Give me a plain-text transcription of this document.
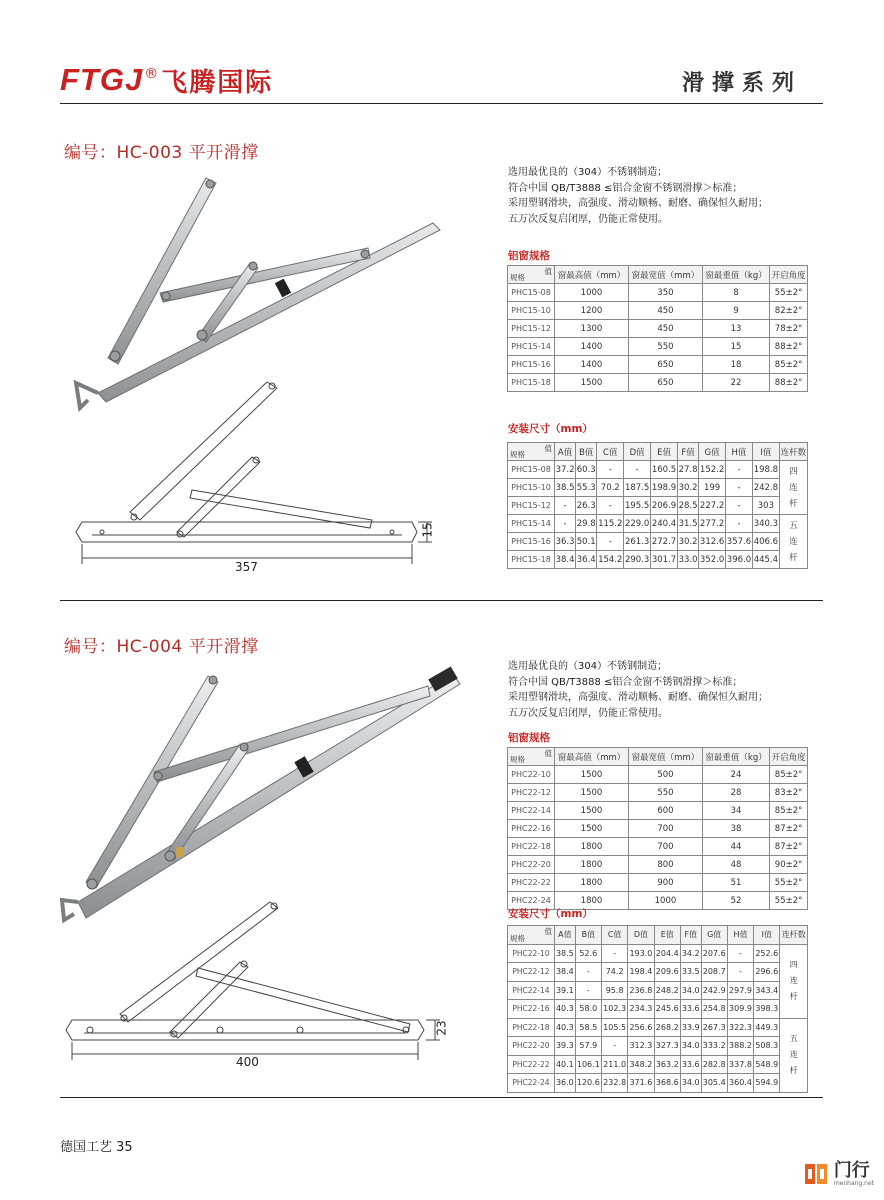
FTGJ ® 飞腾国际	滑撑系列
编号：HC-003 平开滑撑
357
15
选用最优良的（304）不锈钢制造；
符合中国 QB/T3888 ≤铝合金窗不锈钢滑撑＞标准；
采用塑钢滑块，高强度、滑动顺畅、耐磨、确保恒久耐用；
五万次反复启闭厚，仍能正常使用。
铝窗规格
值
规格	窗最高值（mm）	窗最宽值（mm）	窗最重值（kg）	开启角度
PHC15-08	1000	350	8	55±2°
PHC15-10	1200	450	9	82±2°
PHC15-12	1300	450	13	78±2°
PHC15-14	1400	550	15	88±2°
PHC15-16	1400	650	18	85±2°
PHC15-18	1500	650	22	88±2°
安装尺寸（mm）
值
规格	A值	B值	C值	D值	E值	F值	G值	H值	I值	连杆数
PHC15-08	37.2	60.3	-	-	160.5	27.8	152.2	-	198.8	四
连
杆

PHC15-10	38.5	55.3	70.2	187.5	198.9	30.2	199	-	242.8	
PHC15-12	-	26.3	-	195.5	206.9	28.5	227.2	-	303	
PHC15-14	-	29.8	115.2	229.0	240.4	31.5	277.2	-	340.3	五
连
杆

PHC15-16	36.3	50.1	-	261.3	272.7	30.2	312.6	357.6	406.6	
PHC15-18	38.4	36.4	154.2	290.3	301.7	33.0	352.0	396.0	445.4	
编号：HC-004 平开滑撑
400
23
选用最优良的（304）不锈钢制造；
符合中国 QB/T3888 ≤铝合金窗不锈钢滑撑＞标准；
采用塑钢滑块，高强度、滑动顺畅、耐磨、确保恒久耐用；
五万次反复启闭厚，仍能正常使用。
铝窗规格
值
规格	窗最高值（mm）	窗最宽值（mm）	窗最重值（kg）	开启角度
PHC22-10	1500	500	24	85±2°
PHC22-12	1500	550	28	83±2°
PHC22-14	1500	600	34	85±2°
PHC22-16	1500	700	38	87±2°
PHC22-18	1800	700	44	87±2°
PHC22-20	1800	800	48	90±2°
PHC22-22	1800	900	51	55±2°
PHC22-24	1800	1000	52	55±2°
安装尺寸（mm）
值
规格	A值	B值	C值	D值	E值	F值	G值	H值	I值	连杆数
PHC22-10	38.5	52.6	-	193.0	204.4	34.2	207.6	-	252.6	四
连
杆

PHC22-12	38.4	-	74.2	198.4	209.6	33.5	208.7	-	296.6	
PHC22-14	39.1	-	95.8	236.8	248.2	34.0	242.9	297.9	343.4	
PHC22-16	40.3	58.0	102.3	234.3	245.6	33.6	254.8	309.9	398.3	
PHC22-18	40.3	58.5	105.5	256.6	268.2	33.9	267.3	322.3	449.3	五
连
杆

PHC22-20	39.3	57.9	-	312.3	327.3	34.0	333.2	388.2	508.3	
PHC22-22	40.1	106.1	211.0	348.2	363.2	33.6	282.8	337.8	548.9	
PHC22-24	36.0	120.6	232.8	371.6	368.6	34.0	305.4	360.4	594.9	
德国工艺 35
门行
menhang.net
